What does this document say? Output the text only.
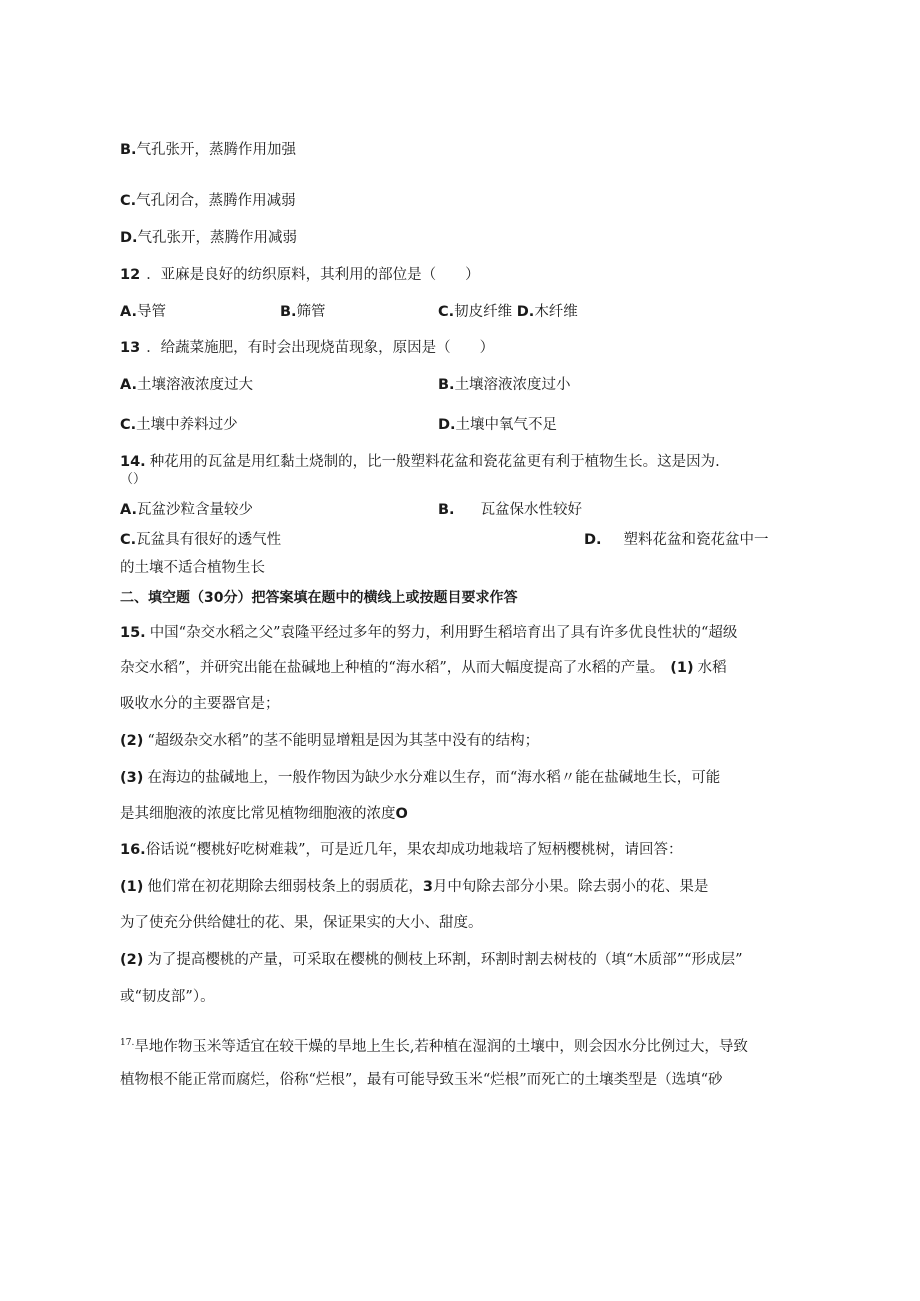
B.气孔张开，蒸腾作用加强
C.气孔闭合，蒸腾作用减弱
D.气孔张开，蒸腾作用减弱
12 ．亚麻是良好的纺织原料，其利用的部位是（　　）
A.导管	B.筛管	C.韧皮纤维 D.木纤维
13 ．给蔬菜施肥，有时会出现烧苗现象，原因是（　　）
A.土壤溶液浓度过大	B.土壤溶液浓度过小
C.土壤中养料过少	D.土壤中氧气不足
14. 种花用的瓦盆是用红黏土烧制的，比一般塑料花盆和瓷花盆更有利于植物生长。这是因为.
（）
A.瓦盆沙粒含量较少	B. 瓦盆保水性较好
C.瓦盆具有很好的透气性	D. 塑料花盆和瓷花盆中一
的土壤不适合植物生长
二、填空题（30分）把答案填在题中的横线上或按题目要求作答
15. 中国“杂交水稻之父”袁隆平经过多年的努力，利用野生稻培育出了具有许多优良性状的“超级
杂交水稻”，并研究出能在盐碱地上种植的“海水稻”，从而大幅度提高了水稻的产量。 (1) 水稻
吸收水分的主要器官是；
(2) “超级杂交水稻”的茎不能明显增粗是因为其茎中没有的结构；
(3) 在海边的盐碱地上，一般作物因为缺少水分难以生存，而“海水稻〃能在盐碱地生长，可能
是其细胞液的浓度比常见植物细胞液的浓度O
16.俗话说“樱桃好吃树难栽”，可是近几年，果农却成功地栽培了短柄樱桃树，请回答：
(1) 他们常在初花期除去细弱枝条上的弱质花，3月中旬除去部分小果。除去弱小的花、果是
为了使充分供给健壮的花、果，保证果实的大小、甜度。
(2) 为了提高樱桃的产量，可采取在樱桃的侧枝上环割，环割时割去树枝的（填“木质部”“形成层”
或“韧皮部”）。
$^{17.}$旱地作物玉米等适宜在较干燥的旱地上生长,若种植在湿润的土壤中，则会因水分比例过大，导致
植物根不能正常而腐烂，俗称“烂根”，最有可能导致玉米“烂根”而死亡的土壤类型是（选填“砂
